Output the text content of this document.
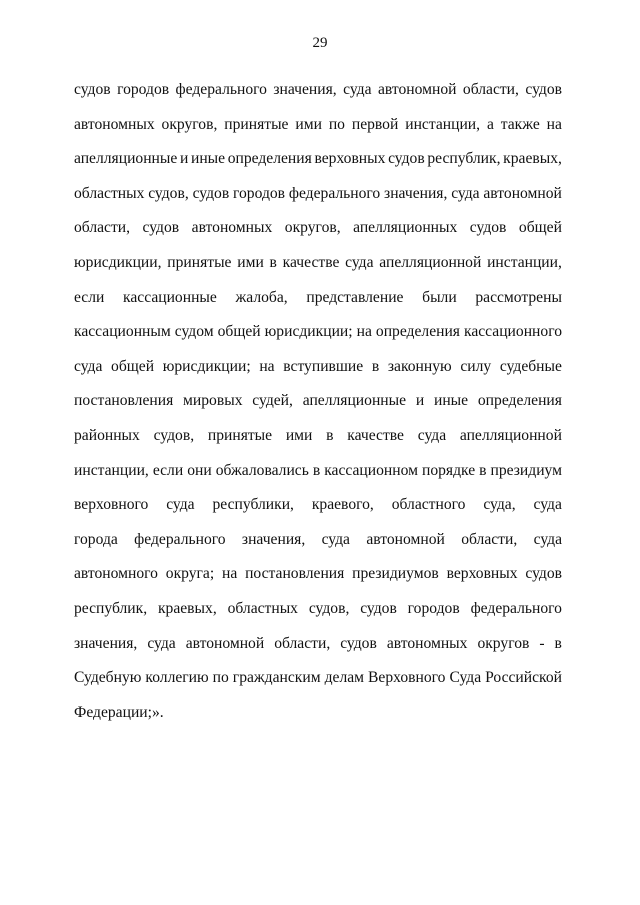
29
судов городов федерального значения, суда автономной области, судов
автономных округов, принятые ими по первой инстанции, а также на
апелляционные и иные определения верховных судов республик, краевых,
областных судов, судов городов федерального значения, суда автономной
области, судов автономных округов, апелляционных судов общей
юрисдикции, принятые ими в качестве суда апелляционной инстанции,
если кассационные жалоба, представление были рассмотрены
кассационным судом общей юрисдикции; на определения кассационного
суда общей юрисдикции; на вступившие в законную силу судебные
постановления мировых судей, апелляционные и иные определения
районных судов, принятые ими в качестве суда апелляционной
инстанции, если они обжаловались в кассационном порядке в президиум
верховного суда республики, краевого, областного суда, суда
города федерального значения, суда автономной области, суда
автономного округа; на постановления президиумов верховных судов
республик, краевых, областных судов, судов городов федерального
значения, суда автономной области, судов автономных округов - в
Судебную коллегию по гражданским делам Верховного Суда Российской
Федерации;».
